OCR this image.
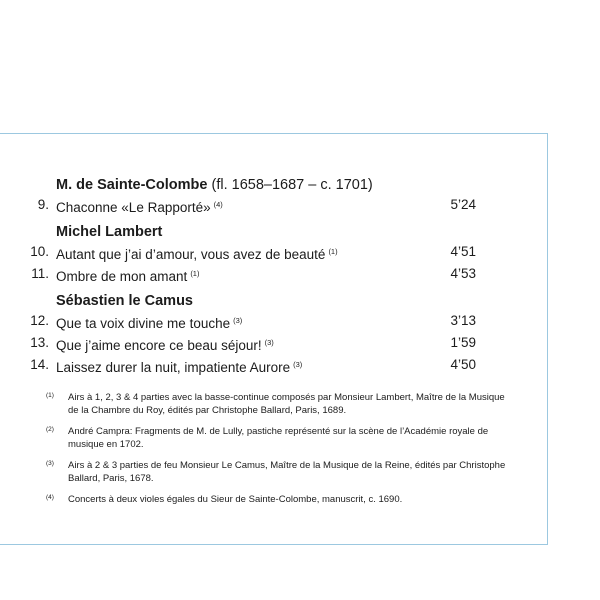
M. de Sainte-Colombe (fl. 1658–1687 – c. 1701)

9. Chaconne «Le Rapporté» $^{(4)}$	5’24

Michel Lambert

10. Autant que j’ai d’amour, vous avez de beauté $^{(1)}$	4’51
11. Ombre de mon amant $^{(1)}$	4’53

Sébastien le Camus

12. Que ta voix divine me touche $^{(3)}$	3’13
13. Que j’aime encore ce beau séjour! $^{(3)}$	1’59
14. Laissez durer la nuit, impatiente Aurore $^{(3)}$	4’50
(1)	Airs à 1, 2, 3 & 4 parties avec la basse-continue composés par Monsieur Lambert, Maître de la Musique de la Chambre du Roy, édités par Christophe Ballard, Paris, 1689.
(2)	André Campra: Fragments de M. de Lully, pastiche représenté sur la scène de l’Académie royale de musique en 1702.
(3)	Airs à 2 & 3 parties de feu Monsieur Le Camus, Maître de la Musique de la Reine, édités par Christophe Ballard, Paris, 1678.
(4)	Concerts à deux violes égales du Sieur de Sainte-Colombe, manuscrit, c. 1690.
